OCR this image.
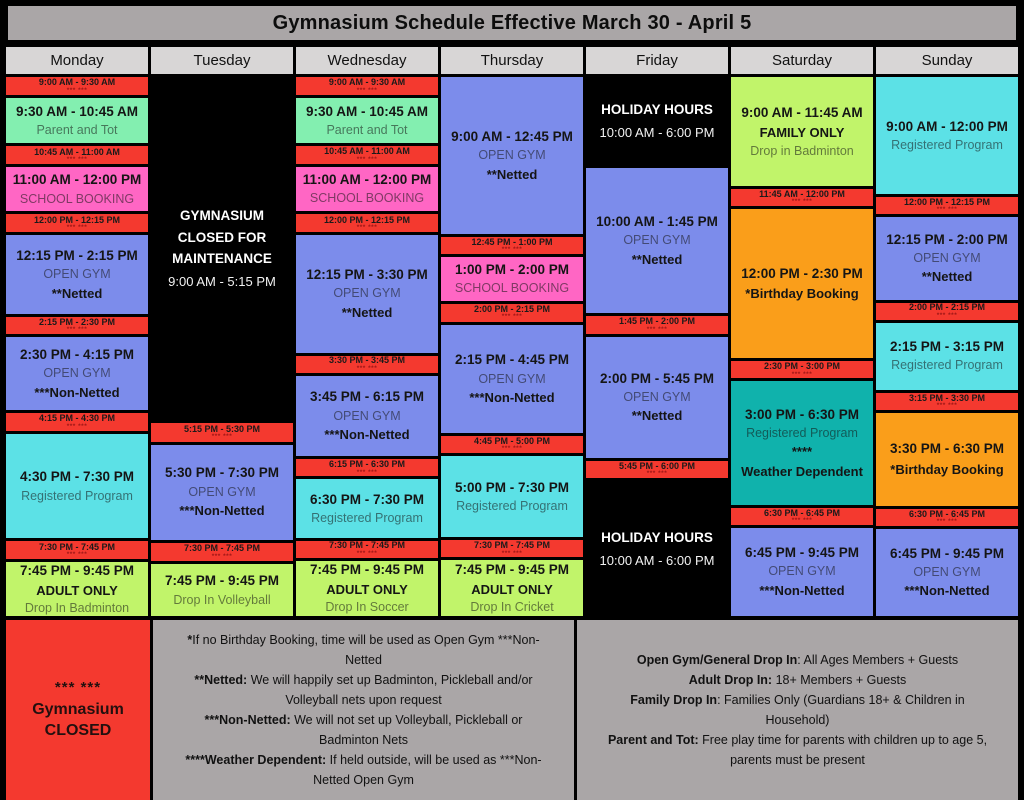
Gymnasium Schedule Effective March 30 - April 5
Monday
9:00 AM - 9:30 AM
*** ***
9:30 AM - 10:45 AM
Parent and Tot
10:45 AM - 11:00 AM
*** ***
11:00 AM - 12:00 PM
SCHOOL BOOKING
12:00 PM - 12:15 PM
*** ***
12:15 PM - 2:15 PM
OPEN GYM
**Netted
2:15 PM - 2:30 PM
*** ***
2:30 PM - 4:15 PM
OPEN GYM
***Non-Netted
4:15 PM - 4:30 PM
*** ***
4:30 PM - 7:30 PM
Registered Program
7:30 PM - 7:45 PM
*** ***
7:45 PM - 9:45 PM
ADULT ONLY
Drop In Badminton
Tuesday
GYMNASIUM CLOSED FOR MAINTENANCE
9:00 AM - 5:15 PM
5:15 PM - 5:30 PM
*** ***
5:30 PM - 7:30 PM
OPEN GYM
***Non-Netted
7:30 PM - 7:45 PM
*** ***
7:45 PM - 9:45 PM
Drop In Volleyball
Wednesday
9:00 AM - 9:30 AM
*** ***
9:30 AM - 10:45 AM
Parent and Tot
10:45 AM - 11:00 AM
*** ***
11:00 AM - 12:00 PM
SCHOOL BOOKING
12:00 PM - 12:15 PM
*** ***
12:15 PM - 3:30 PM
OPEN GYM
**Netted
3:30 PM - 3:45 PM
*** ***
3:45 PM - 6:15 PM
OPEN GYM
***Non-Netted
6:15 PM - 6:30 PM
*** ***
6:30 PM - 7:30 PM
Registered Program
7:30 PM - 7:45 PM
*** ***
7:45 PM - 9:45 PM
ADULT ONLY
Drop In Soccer
Thursday
9:00 AM - 12:45 PM
OPEN GYM
**Netted
12:45 PM - 1:00 PM
*** ***
1:00 PM - 2:00 PM
SCHOOL BOOKING
2:00 PM - 2:15 PM
*** ***
2:15 PM - 4:45 PM
OPEN GYM
***Non-Netted
4:45 PM - 5:00 PM
*** ***
5:00 PM - 7:30 PM
Registered Program
7:30 PM - 7:45 PM
*** ***
7:45 PM - 9:45 PM
ADULT ONLY
Drop In Cricket
Friday
HOLIDAY HOURS
10:00 AM - 6:00 PM
10:00 AM - 1:45 PM
OPEN GYM
**Netted
1:45 PM - 2:00 PM
*** ***
2:00 PM - 5:45 PM
OPEN GYM
**Netted
5:45 PM - 6:00 PM
*** ***
HOLIDAY HOURS
10:00 AM - 6:00 PM
Saturday
9:00 AM - 11:45 AM
FAMILY ONLY
Drop in Badminton
11:45 AM - 12:00 PM
*** ***
12:00 PM - 2:30 PM
*Birthday Booking
2:30 PM - 3:00 PM
*** ***
3:00 PM - 6:30 PM
Registered Program
****
Weather Dependent
6:30 PM - 6:45 PM
*** ***
6:45 PM - 9:45 PM
OPEN GYM
***Non-Netted
Sunday
9:00 AM - 12:00 PM
Registered Program
12:00 PM - 12:15 PM
*** ***
12:15 PM - 2:00 PM
OPEN GYM
**Netted
2:00 PM - 2:15 PM
*** ***
2:15 PM - 3:15 PM
Registered Program
3:15 PM - 3:30 PM
*** ***
3:30 PM - 6:30 PM
*Birthday Booking
6:30 PM - 6:45 PM
*** ***
6:45 PM - 9:45 PM
OPEN GYM
***Non-Netted
*** ***
Gymnasium
CLOSED
*If no Birthday Booking, time will be used as Open Gym ***Non-Netted
**Netted: We will happily set up Badminton, Pickleball and/or Volleyball nets upon request
***Non-Netted: We will not set up Volleyball, Pickleball or Badminton Nets
****Weather Dependent: If held outside, will be used as ***Non-Netted Open Gym
Open Gym/General Drop In: All Ages Members + Guests
Adult Drop In: 18+ Members + Guests
Family Drop In: Families Only (Guardians 18+ & Children in Household)
Parent and Tot: Free play time for parents with children up to age 5, parents must be present
